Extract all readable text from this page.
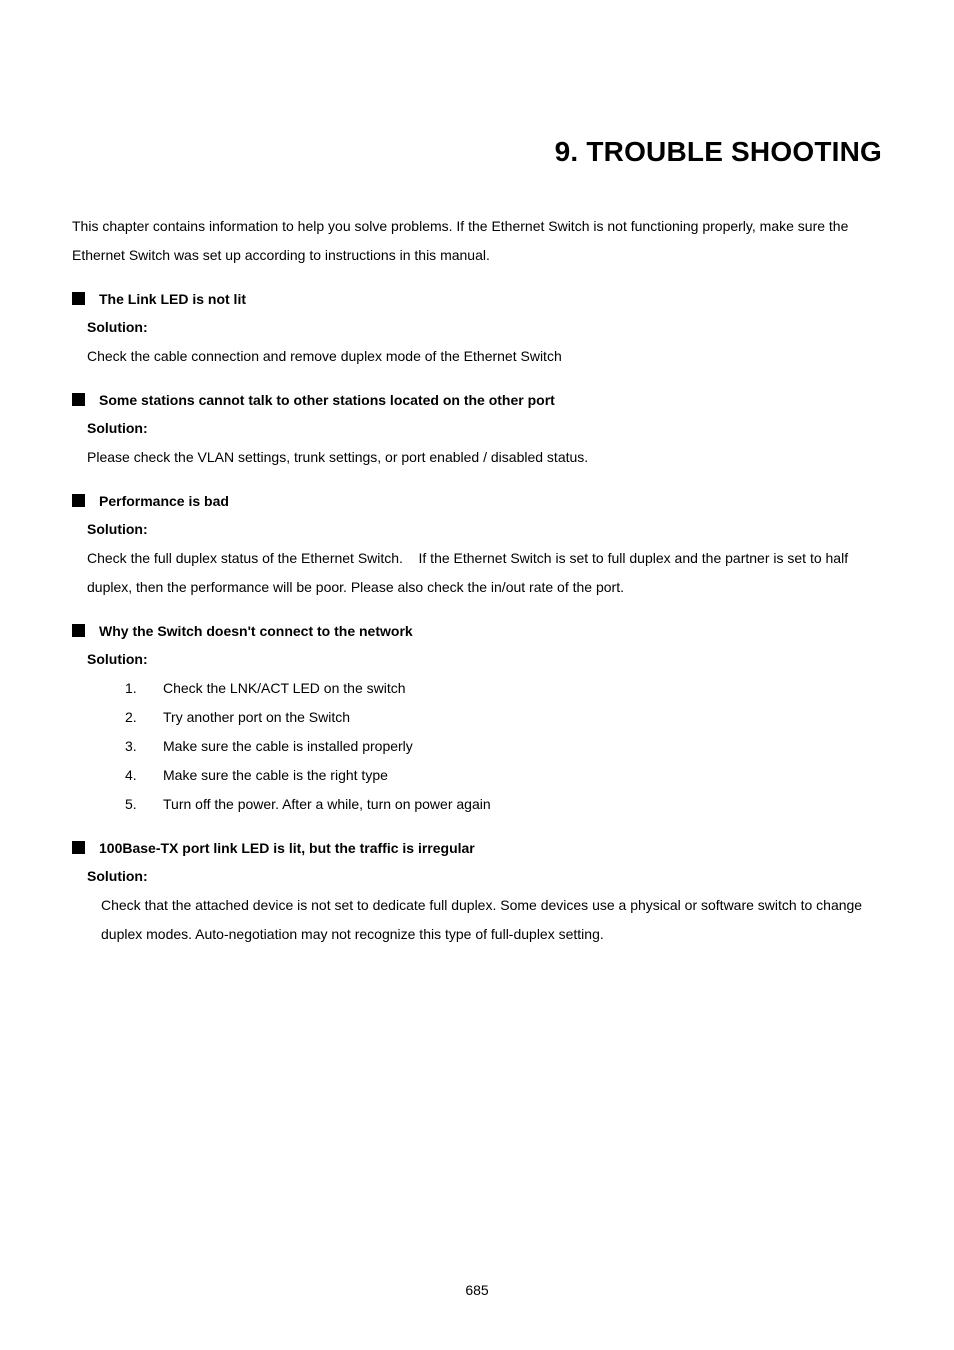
9. TROUBLE SHOOTING

This chapter contains information to help you solve problems. If the Ethernet Switch is not functioning properly, make sure the Ethernet Switch was set up according to instructions in this manual.

The Link LED is not lit
Solution:

Check the cable connection and remove duplex mode of the Ethernet Switch

Some stations cannot talk to other stations located on the other port
Solution:

Please check the VLAN settings, trunk settings, or port enabled / disabled status.

Performance is bad
Solution:

Check the full duplex status of the Ethernet Switch.    If the Ethernet Switch is set to full duplex and the partner is set to half duplex, then the performance will be poor. Please also check the in/out rate of the port.

Why the Switch doesn't connect to the network
Solution:
1.	Check the LNK/ACT LED on the switch
2.	Try another port on the Switch
3.	Make sure the cable is installed properly
4.	Make sure the cable is the right type
5.	Turn off the power. After a while, turn on power again
100Base-TX port link LED is lit, but the traffic is irregular
Solution:

Check that the attached device is not set to dedicate full duplex. Some devices use a physical or software switch to change duplex modes. Auto-negotiation may not recognize this type of full-duplex setting.

685
